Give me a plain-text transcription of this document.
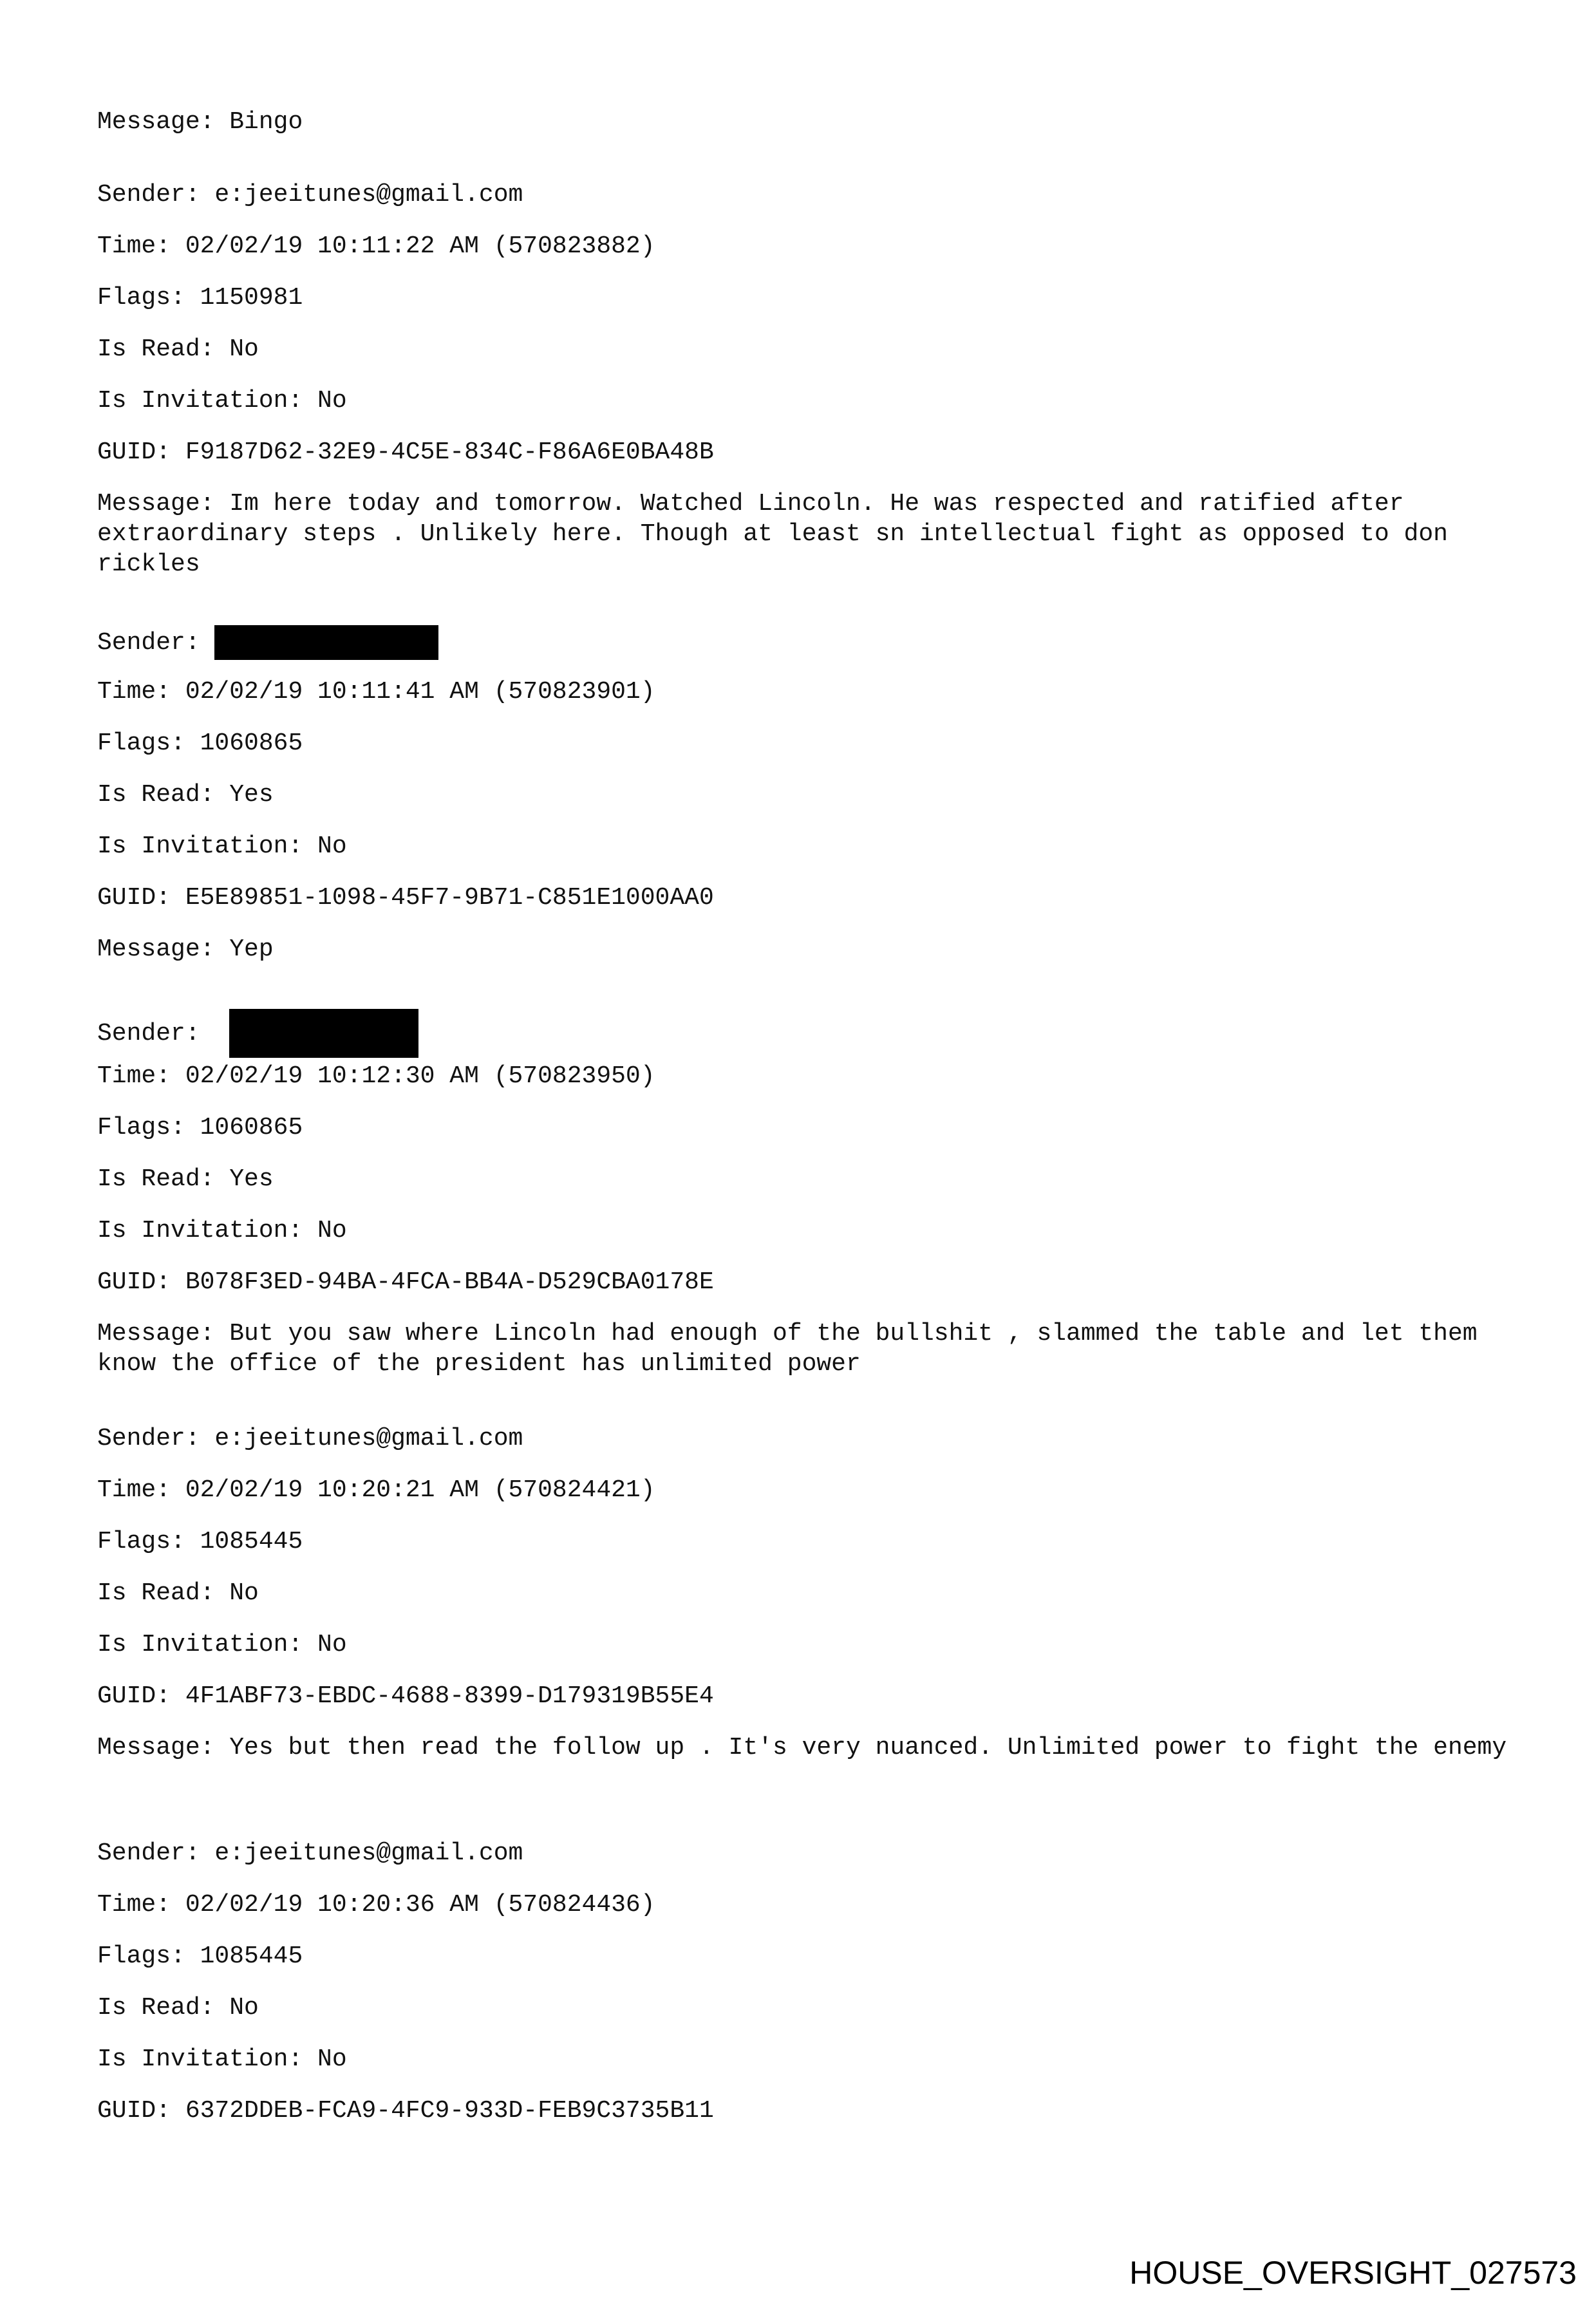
Message: Bingo

Sender: e:jeeitunes@gmail.com

Time: 02/02/19 10:11:22 AM (570823882)

Flags: 1150981

Is Read: No

Is Invitation: No

GUID: F9187D62-32E9-4C5E-834C-F86A6E0BA48B

Message: Im here today and tomorrow. Watched Lincoln. He was respected and ratified after extraordinary steps . Unlikely here. Though at least sn intellectual fight as opposed to don rickles

Sender:

Time: 02/02/19 10:11:41 AM (570823901)

Flags: 1060865

Is Read: Yes

Is Invitation: No

GUID: E5E89851-1098-45F7-9B71-C851E1000AA0

Message: Yep

Sender:

Time: 02/02/19 10:12:30 AM (570823950)

Flags: 1060865

Is Read: Yes

Is Invitation: No

GUID: B078F3ED-94BA-4FCA-BB4A-D529CBA0178E

Message: But you saw where Lincoln had enough of the bullshit , slammed the table and let them know the office of the president has unlimited power

Sender: e:jeeitunes@gmail.com

Time: 02/02/19 10:20:21 AM (570824421)

Flags: 1085445

Is Read: No

Is Invitation: No

GUID: 4F1ABF73-EBDC-4688-8399-D179319B55E4

Message: Yes but then read the follow up . It's very nuanced. Unlimited power to fight the enemy

Sender: e:jeeitunes@gmail.com

Time: 02/02/19 10:20:36 AM (570824436)

Flags: 1085445

Is Read: No

Is Invitation: No

GUID: 6372DDEB-FCA9-4FC9-933D-FEB9C3735B11

HOUSE_OVERSIGHT_027573
